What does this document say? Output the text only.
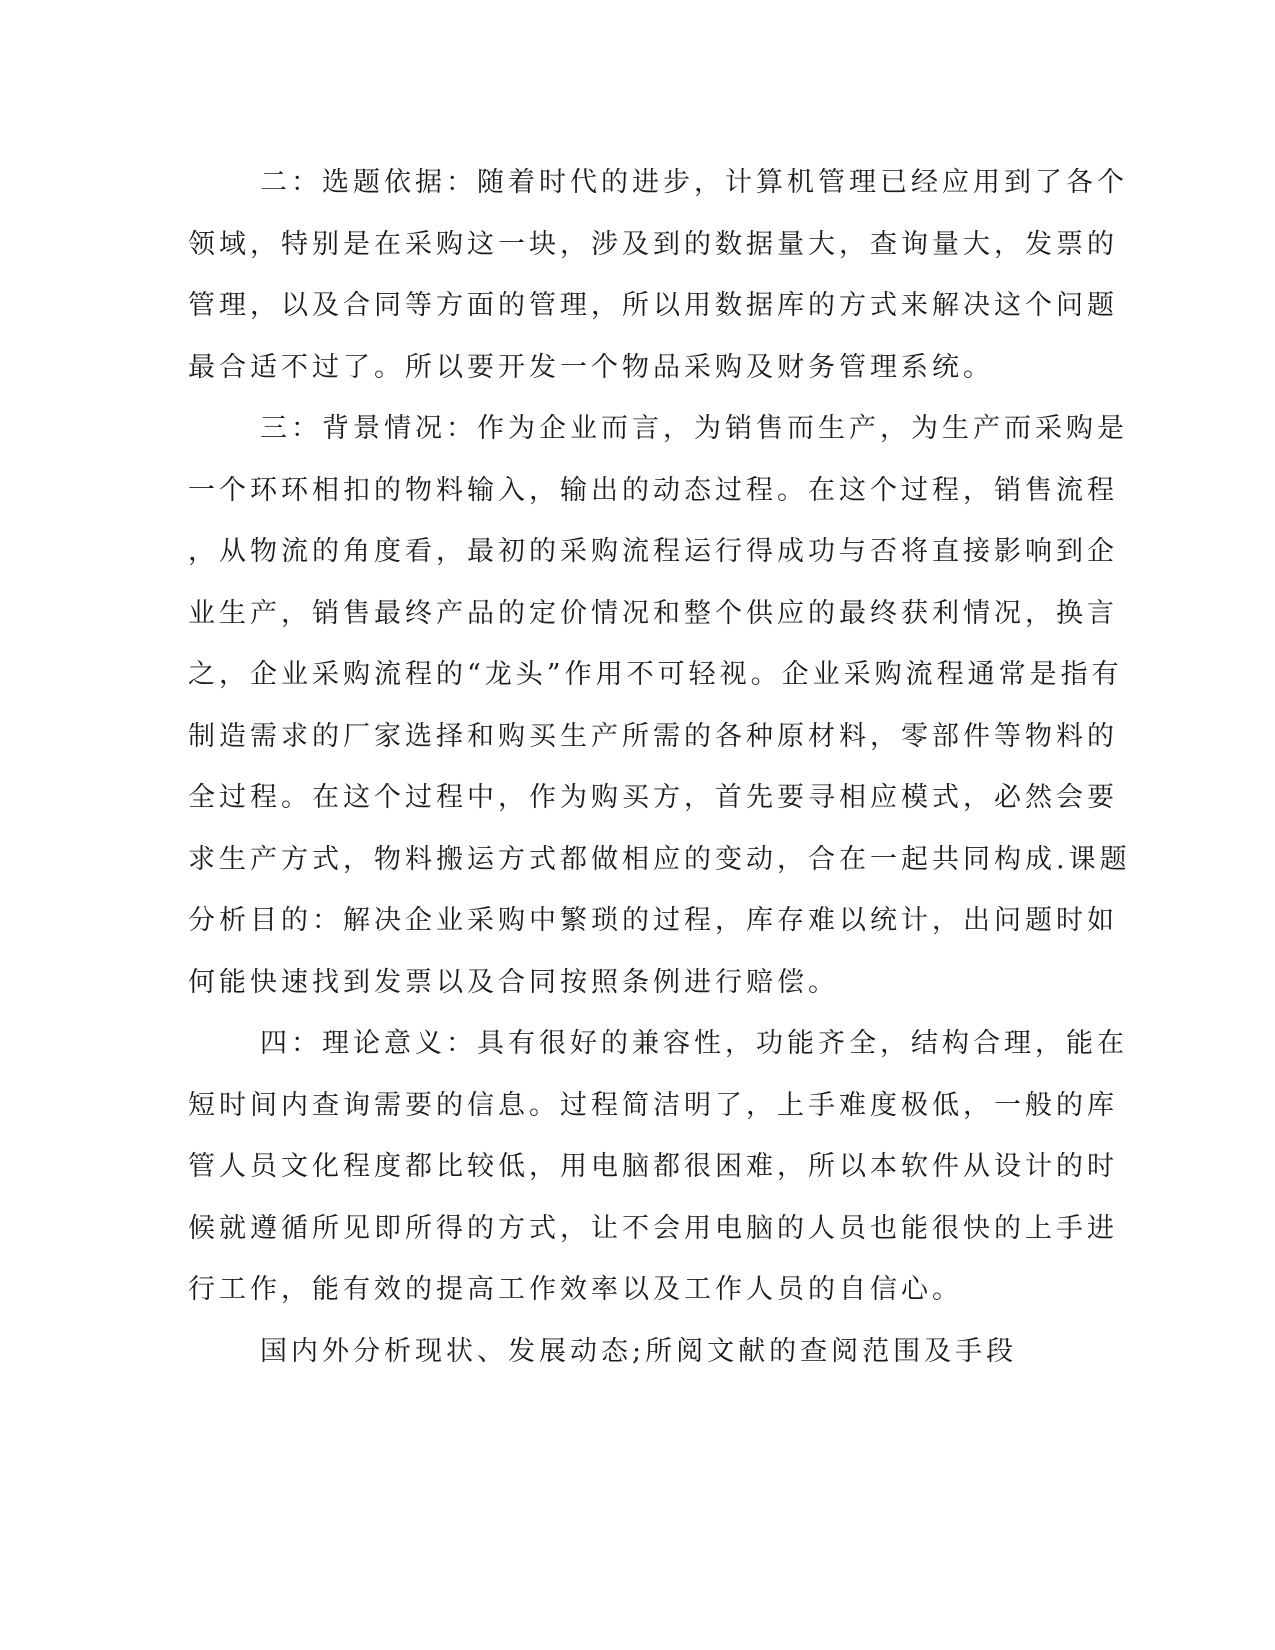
二：选题依据：随着时代的进步，计算机管理已经应用到了各个
领域，特别是在采购这一块，涉及到的数据量大，查询量大，发票的
管理，以及合同等方面的管理，所以用数据库的方式来解决这个问题
最合适不过了。所以要开发一个物品采购及财务管理系统。
三：背景情况：作为企业而言，为销售而生产，为生产而采购是
一个环环相扣的物料输入，输出的动态过程。在这个过程，销售流程
，从物流的角度看，最初的采购流程运行得成功与否将直接影响到企
业生产，销售最终产品的定价情况和整个供应的最终获利情况，换言
之，企业采购流程的“龙头”作用不可轻视。企业采购流程通常是指有
制造需求的厂家选择和购买生产所需的各种原材料，零部件等物料的
全过程。在这个过程中，作为购买方，首先要寻相应模式，必然会要
求生产方式，物料搬运方式都做相应的变动，合在一起共同构成.课题
分析目的：解决企业采购中繁琐的过程，库存难以统计，出问题时如
何能快速找到发票以及合同按照条例进行赔偿。
四：理论意义：具有很好的兼容性，功能齐全，结构合理，能在
短时间内查询需要的信息。过程简洁明了，上手难度极低，一般的库
管人员文化程度都比较低，用电脑都很困难，所以本软件从设计的时
候就遵循所见即所得的方式，让不会用电脑的人员也能很快的上手进
行工作，能有效的提高工作效率以及工作人员的自信心。
国内外分析现状、发展动态;所阅文献的查阅范围及手段
